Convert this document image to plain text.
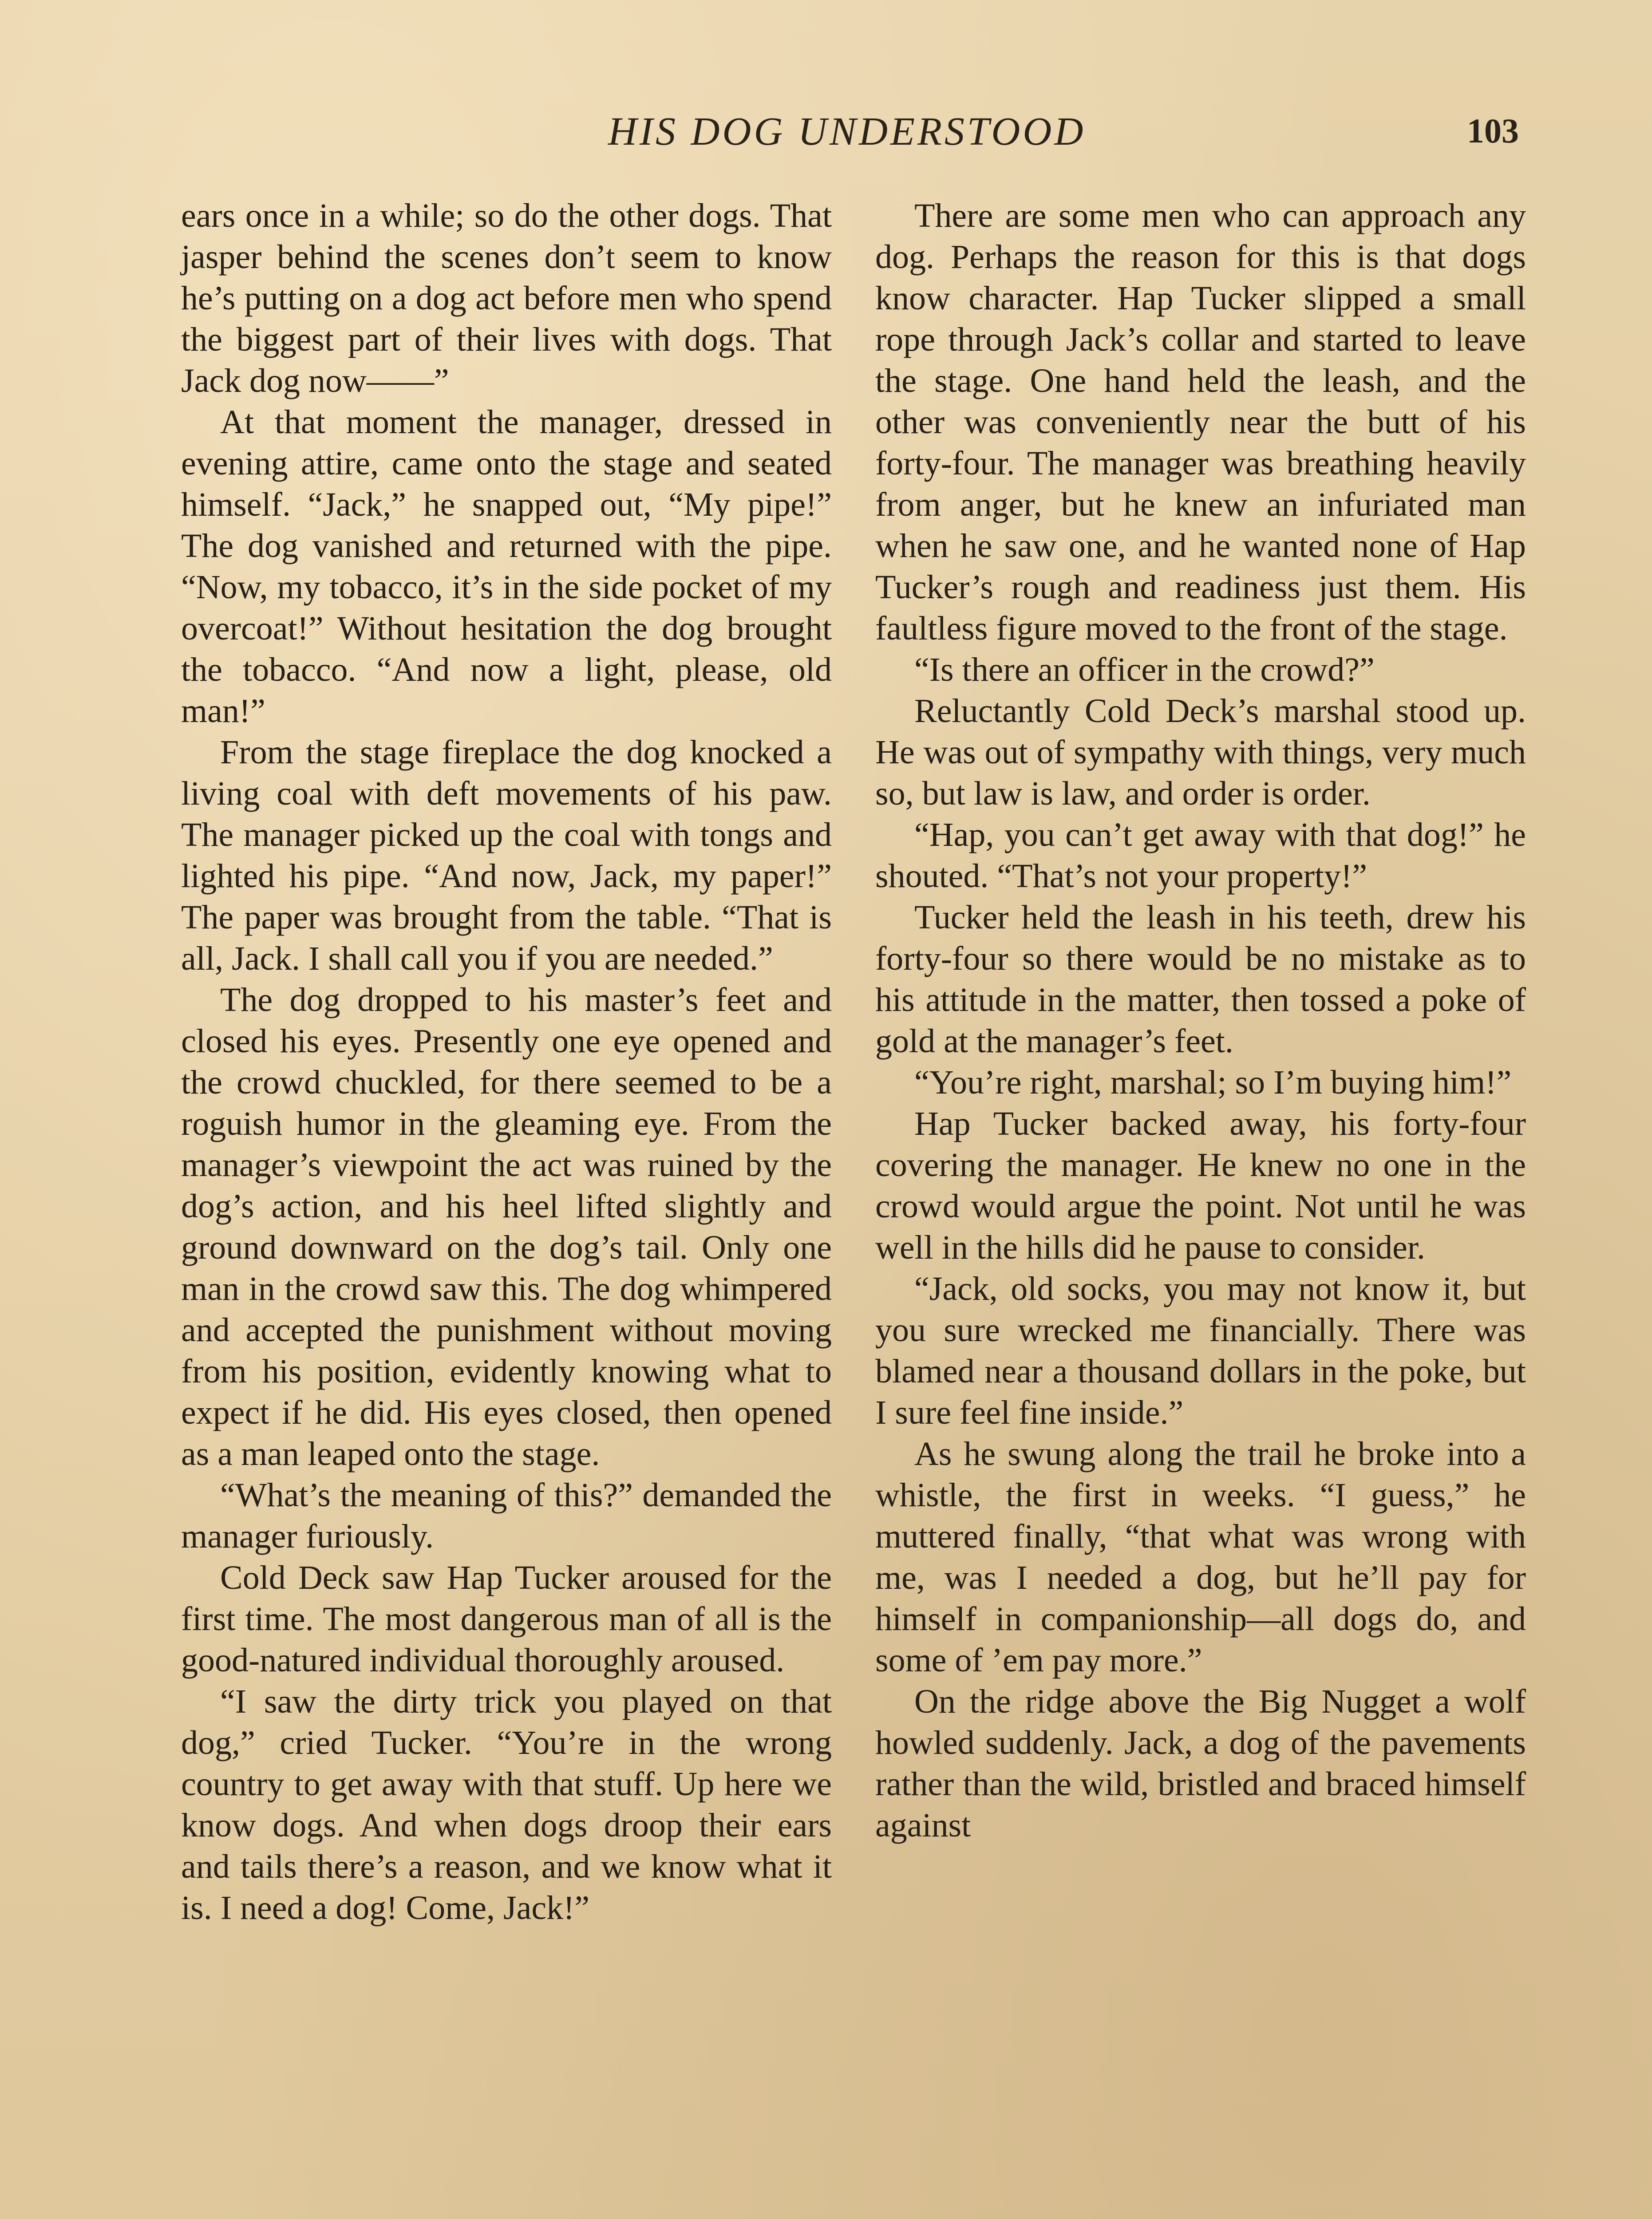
HIS DOG UNDERSTOOD	103

ears once in a while; so do the other dogs. That jasper behind the scenes don’t seem to know he’s putting on a dog act before men who spend the biggest part of their lives with dogs. That Jack dog now——”

At that moment the manager, dressed in evening attire, came onto the stage and seated himself. “Jack,” he snapped out, “My pipe!” The dog vanished and returned with the pipe. “Now, my tobacco, it’s in the side pocket of my overcoat!” Without hesitation the dog brought the tobacco. “And now a light, please, old man!”

From the stage fireplace the dog knocked a living coal with deft movements of his paw. The manager picked up the coal with tongs and lighted his pipe. “And now, Jack, my paper!” The paper was brought from the table. “That is all, Jack. I shall call you if you are needed.”

The dog dropped to his master’s feet and closed his eyes. Presently one eye opened and the crowd chuckled, for there seemed to be a roguish humor in the gleaming eye. From the manager’s viewpoint the act was ruined by the dog’s action, and his heel lifted slightly and ground downward on the dog’s tail. Only one man in the crowd saw this. The dog whimpered and accepted the punishment without moving from his position, evidently knowing what to expect if he did. His eyes closed, then opened as a man leaped onto the stage.

“What’s the meaning of this?” demanded the manager furiously.

Cold Deck saw Hap Tucker aroused for the first time. The most dangerous man of all is the good-natured individual thoroughly aroused.

“I saw the dirty trick you played on that dog,” cried Tucker. “You’re in the wrong country to get away with that stuff. Up here we know dogs. And when dogs droop their ears and tails there’s a reason, and we know what it is. I need a dog! Come, Jack!”

There are some men who can approach any dog. Perhaps the reason for this is that dogs know character. Hap Tucker slipped a small rope through Jack’s collar and started to leave the stage. One hand held the leash, and the other was conveniently near the butt of his forty-four. The manager was breathing heavily from anger, but he knew an infuriated man when he saw one, and he wanted none of Hap Tucker’s rough and readiness just them. His faultless figure moved to the front of the stage.

“Is there an officer in the crowd?”

Reluctantly Cold Deck’s marshal stood up. He was out of sympathy with things, very much so, but law is law, and order is order.

“Hap, you can’t get away with that dog!” he shouted. “That’s not your property!”

Tucker held the leash in his teeth, drew his forty-four so there would be no mistake as to his attitude in the matter, then tossed a poke of gold at the manager’s feet.

“You’re right, marshal; so I’m buying him!”

Hap Tucker backed away, his forty-four covering the manager. He knew no one in the crowd would argue the point. Not until he was well in the hills did he pause to consider.

“Jack, old socks, you may not know it, but you sure wrecked me financially. There was blamed near a thousand dollars in the poke, but I sure feel fine inside.”

As he swung along the trail he broke into a whistle, the first in weeks. “I guess,” he muttered finally, “that what was wrong with me, was I needed a dog, but he’ll pay for himself in companionship—all dogs do, and some of ’em pay more.”

On the ridge above the Big Nugget a wolf howled suddenly. Jack, a dog of the pavements rather than the wild, bristled and braced himself against
